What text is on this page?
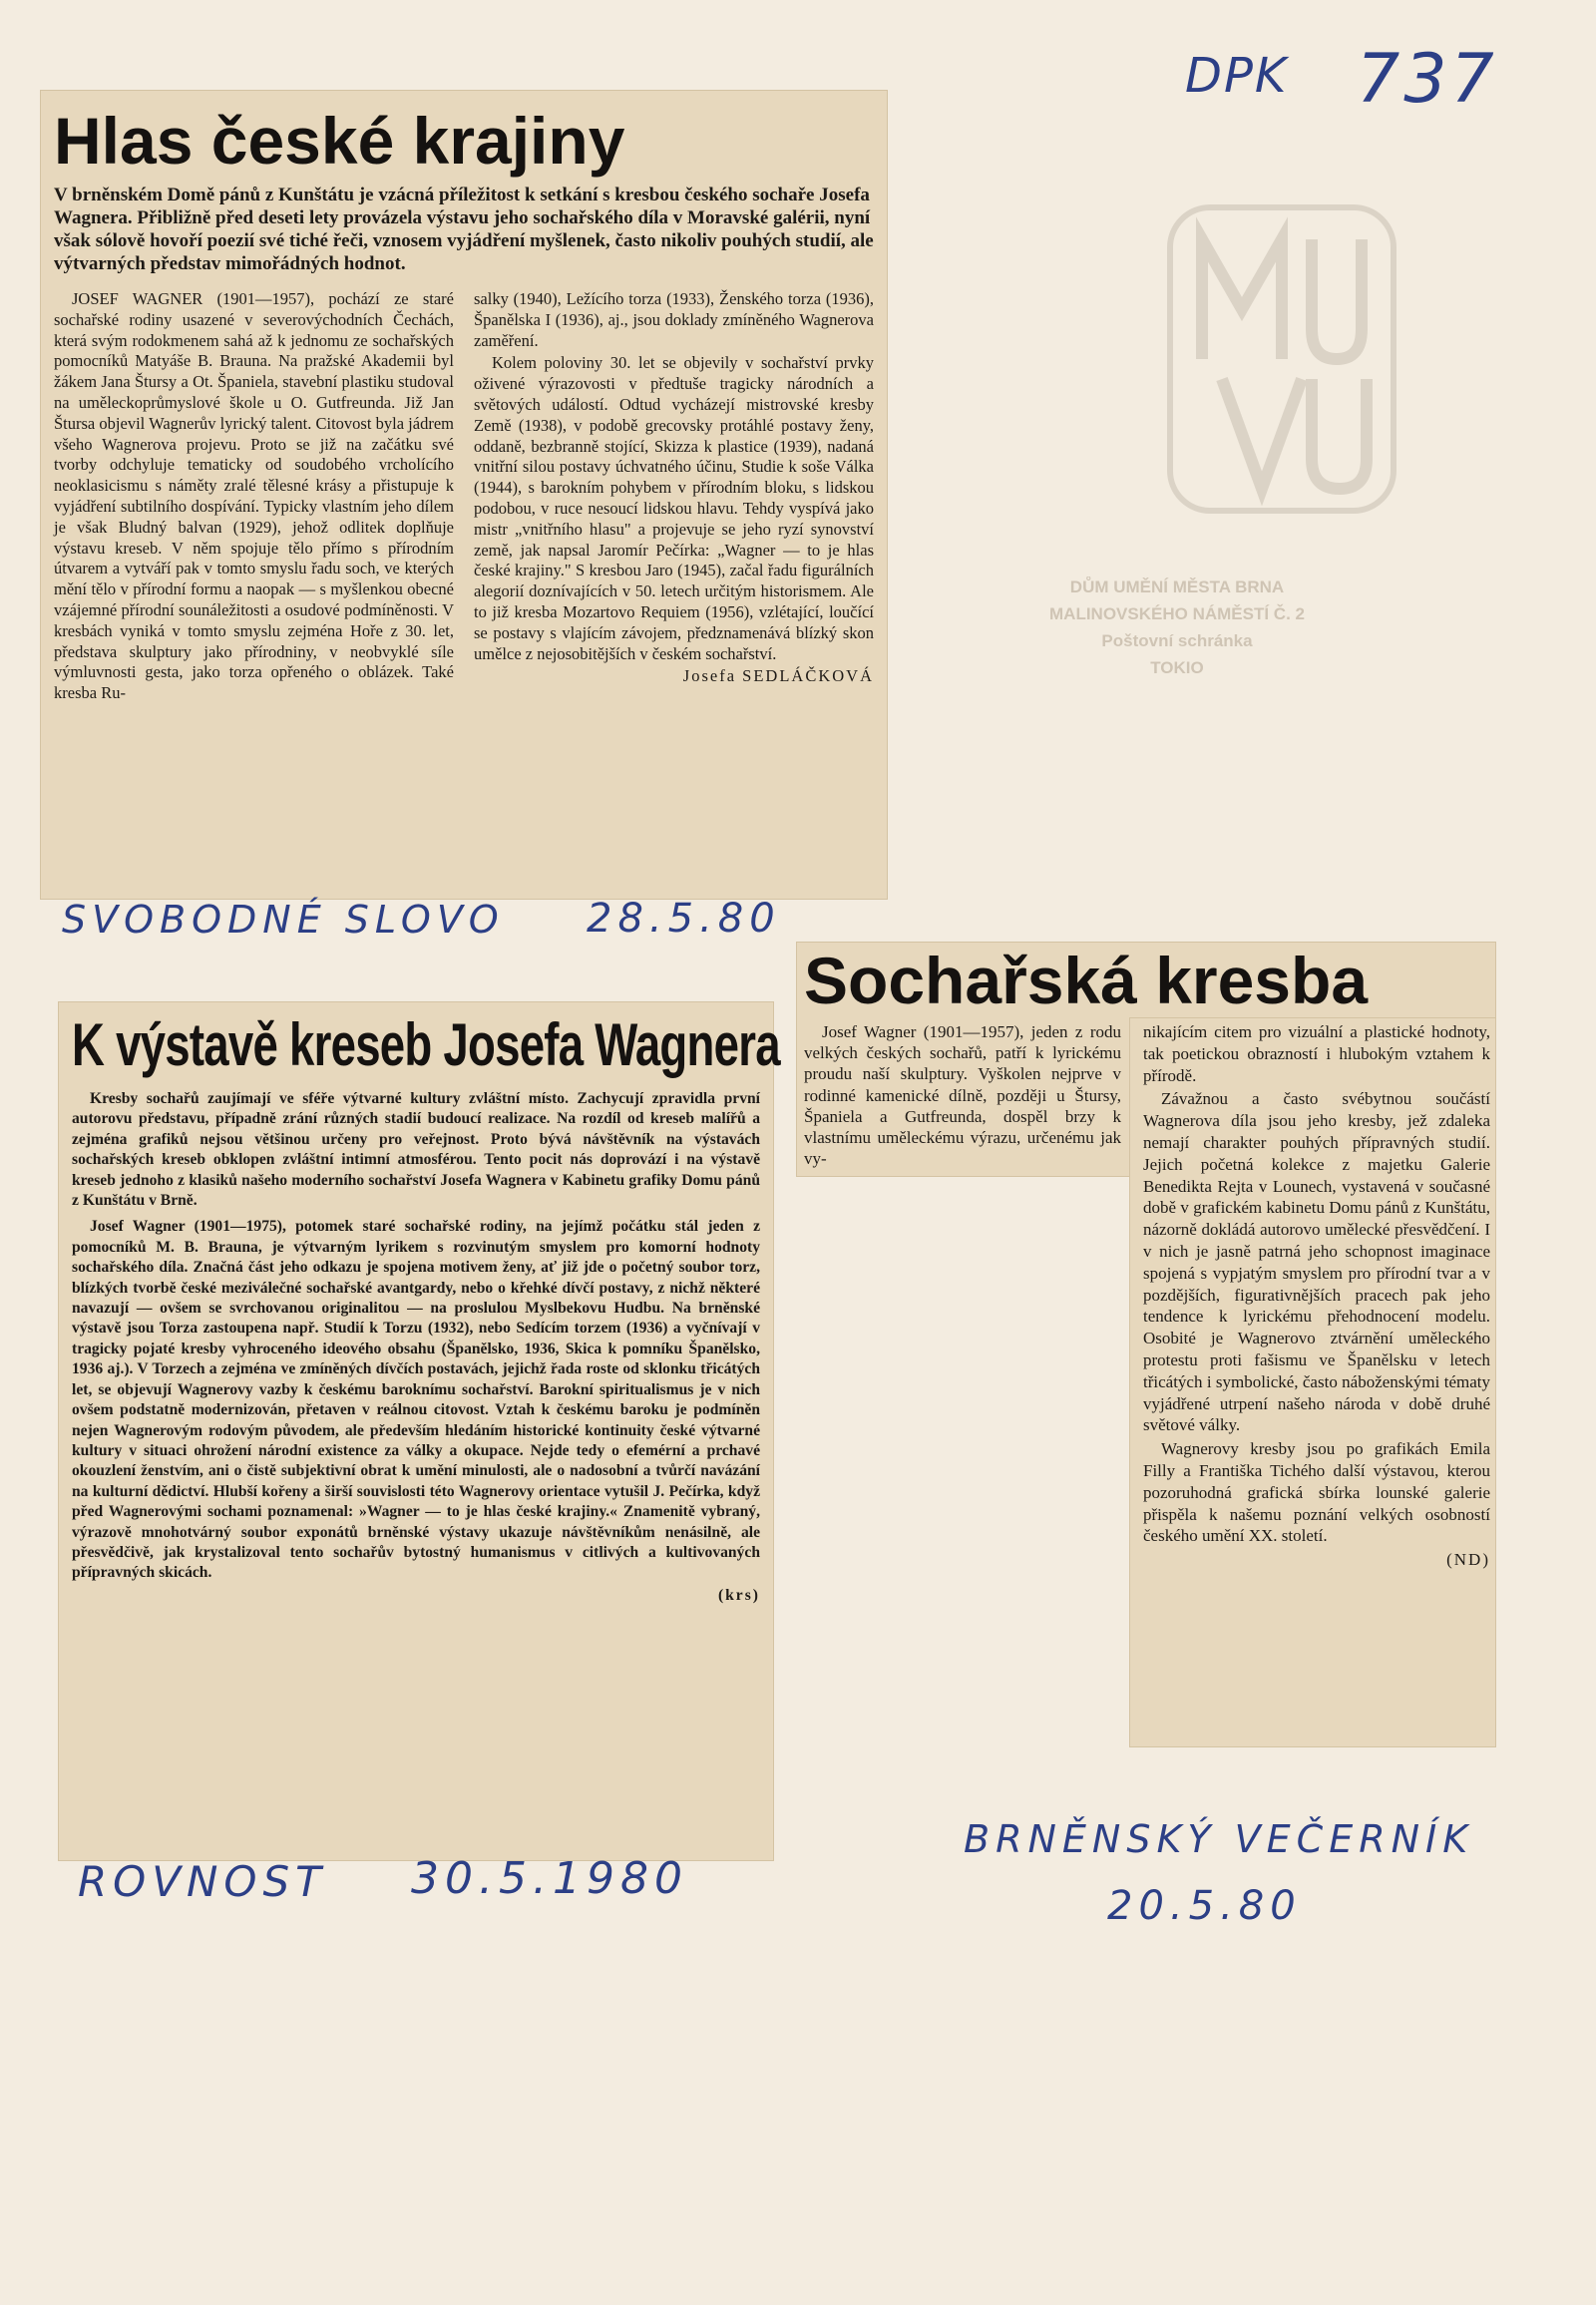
DŮM UMĚNÍ MĚSTA BRNA
MALINOVSKÉHO NÁMĚSTÍ Č. 2
Poštovní schránka
TOKIO
DPK 737
Hlas české krajiny

V brněnském Domě pánů z Kunštátu je vzácná příležitost k setkání s kresbou českého sochaře Josefa Wagnera. Přibližně před deseti lety provázela výstavu jeho sochařského díla v Moravské galérii, nyní však sólově hovoří poezií své tiché řeči, vznosem vyjádření myšlenek, často nikoliv pouhých studií, ale výtvarných představ mimořádných hodnot.

JOSEF WAGNER (1901—1957), pochází ze staré sochařské rodiny usazené v severovýchodních Čechách, která svým rodokmenem sahá až k jednomu ze sochařských pomocníků Matyáše B. Brauna. Na pražské Akademii byl žákem Jana Štursy a Ot. Španiela, stavební plastiku studoval na uměleckoprůmyslové škole u O. Gutfreunda. Již Jan Štursa objevil Wagnerův lyrický talent. Citovost byla jádrem všeho Wagnerova projevu. Proto se již na začátku své tvorby odchyluje tematicky od soudobého vrcholícího neoklasicismu s náměty zralé tělesné krásy a přistupuje k vyjádření subtilního dospívání. Typicky vlastním jeho dílem je však Bludný balvan (1929), jehož odlitek doplňuje výstavu kreseb. V něm spojuje tělo přímo s přírodním útvarem a vytváří pak v tomto smyslu řadu soch, ve kterých mění tělo v přírodní formu a naopak — s myšlenkou obecné vzájemné přírodní sounáležitosti a osudové podmíněnosti. V kresbách vyniká v tomto smyslu zejména Hoře z 30. let, představa skulptury jako přírodniny, v neobvyklé síle výmluvnosti gesta, jako torza opřeného o oblázek. Také kresba Ru-

salky (1940), Ležícího torza (1933), Ženského torza (1936), Španělska I (1936), aj., jsou doklady zmíněného Wagnerova zaměření.

Kolem poloviny 30. let se objevily v sochařství prvky oživené výrazovosti v předtuše tragicky národních a světových událostí. Odtud vycházejí mistrovské kresby Země (1938), v podobě grecovsky protáhlé postavy ženy, oddaně, bezbranně stojící, Skizza k plastice (1939), nadaná vnitřní silou postavy úchvatného účinu, Studie k soše Válka (1944), s barokním pohybem v přírodním bloku, s lidskou podobou, v ruce nesoucí lidskou hlavu. Tehdy vyspívá jako mistr „vnitřního hlasu" a projevuje se jeho ryzí synovství země, jak napsal Jaromír Pečírka: „Wagner — to je hlas české krajiny." S kresbou Jaro (1945), začal řadu figurálních alegorií doznívajících v 50. letech určitým historismem. Ale to již kresba Mozartovo Requiem (1956), vzlétající, loučící se postavy s vlajícím závojem, předznamenává blízký skon umělce z nejosobitějších v českém sochařství.

Josefa SEDLÁČKOVÁ
SVOBODNÉ SLOVO 28.5.80
K výstavě kreseb Josefa Wagnera

Kresby sochařů zaujímají ve sféře výtvarné kultury zvláštní místo. Zachycují zpravidla první autorovu představu, případně zrání různých stadií budoucí realizace. Na rozdíl od kreseb malířů a zejména grafiků nejsou většinou určeny pro veřejnost. Proto bývá návštěvník na výstavách sochařských kreseb obklopen zvláštní intimní atmosférou. Tento pocit nás doprovází i na výstavě kreseb jednoho z klasiků našeho moderního sochařství Josefa Wagnera v Kabinetu grafiky Domu pánů z Kunštátu v Brně.

Josef Wagner (1901—1975), potomek staré sochařské rodiny, na jejímž počátku stál jeden z pomocníků M. B. Brauna, je výtvarným lyrikem s rozvinutým smyslem pro komorní hodnoty sochařského díla. Značná část jeho odkazu je spojena motivem ženy, ať již jde o početný soubor torz, blízkých tvorbě české meziválečné sochařské avantgardy, nebo o křehké dívčí postavy, z nichž některé navazují — ovšem se svrchovanou originalitou — na proslulou Myslbekovu Hudbu. Na brněnské výstavě jsou Torza zastoupena např. Studií k Torzu (1932), nebo Sedícím torzem (1936) a vyčnívají v tragicky pojaté kresby vyhroceného ideového obsahu (Španělsko, 1936, Skica k pomníku Španělsko, 1936 aj.). V Torzech a zejména ve zmíněných dívčích postavách, jejichž řada roste od sklonku třicátých let, se objevují Wagnerovy vazby k českému baroknímu sochařství. Barokní spiritualismus je v nich ovšem podstatně modernizován, přetaven v reálnou citovost. Vztah k českému baroku je podmíněn nejen Wagnerovým rodovým původem, ale především hledáním historické kontinuity české výtvarné kultury v situaci ohrožení národní existence za války a okupace. Nejde tedy o efemérní a prchavé okouzlení ženstvím, ani o čistě subjektivní obrat k umění minulosti, ale o nadosobní a tvůrčí navázání na kulturní dědictví. Hlubší kořeny a širší souvislosti této Wagnerovy orientace vytušil J. Pečírka, když před Wagnerovými sochami poznamenal: »Wagner — to je hlas české krajiny.« Znamenitě vybraný, výrazově mnohotvárný soubor exponátů brněnské výstavy ukazuje návštěvníkům nenásilně, ale přesvědčivě, jak krystalizoval tento sochařův bytostný humanismus v citlivých a kultivovaných přípravných skicách.

(krs)
ROVNOST 30.5.1980
Sochařská kresba

Josef Wagner (1901—1957), jeden z rodu velkých českých sochařů, patří k lyrickému proudu naší skulptury. Vyškolen nejprve v rodinné kamenické dílně, později u Štursy, Španiela a Gutfreunda, dospěl brzy k vlastnímu uměleckému výrazu, určenému jak vy-

nikajícím citem pro vizuální a plastické hodnoty, tak poetickou obrazností i hlubokým vztahem k přírodě.

Závažnou a často svébytnou součástí Wagnerova díla jsou jeho kresby, jež zdaleka nemají charakter pouhých přípravných studií. Jejich početná kolekce z majetku Galerie Benedikta Rejta v Lounech, vystavená v současné době v grafickém kabinetu Domu pánů z Kunštátu, názorně dokládá autorovo umělecké přesvědčení. I v nich je jasně patrná jeho schopnost imaginace spojená s vypjatým smyslem pro přírodní tvar a v pozdějších, figurativnějších pracech pak jeho tendence k lyrickému přehodnocení modelu. Osobité je Wagnerovo ztvárnění uměleckého protestu proti fašismu ve Španělsku v letech třicátých i symbolické, často náboženskými tématy vyjádřené utrpení našeho národa v době druhé světové války.

Wagnerovy kresby jsou po grafikách Emila Filly a Františka Tichého další výstavou, kterou pozoruhodná grafická sbírka lounské galerie přispěla k našemu poznání velkých osobností českého umění XX. století.

(ND)
BRNĚNSKÝ VEČERNÍK
20.5.80
